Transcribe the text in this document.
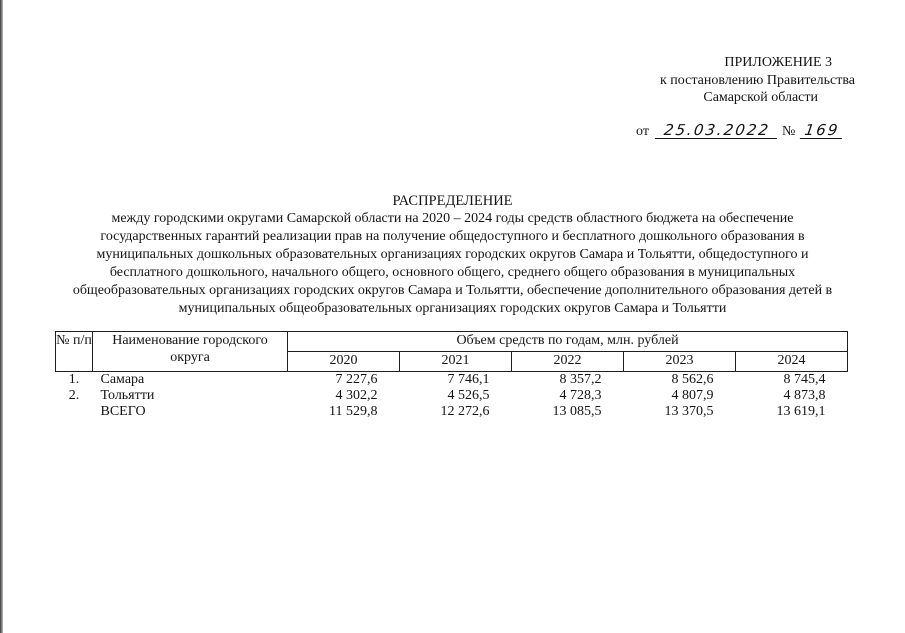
ПРИЛОЖЕНИЕ 3
к постановлению Правительства
Самарской области
от 25.03.2022 № 169
РАСПРЕДЕЛЕНИЕ
между городскими округами Самарской области на 2020 – 2024 годы средств областного бюджета на обеспечение государственных гарантий реализации прав на получение общедоступного и бесплатного дошкольного образования в муниципальных дошкольных образовательных организациях городских округов Самара и Тольятти, общедоступного и бесплатного дошкольного, начального общего, основного общего, среднего общего образования в муниципальных общеобразовательных организациях городских округов Самара и Тольятти, обеспечение дополнительного образования детей в муниципальных общеобразовательных организациях городских округов Самара и Тольятти
№ п/п	Наименование городского округа	Объем средств по годам, млн. рублей				
		2020	2021	2022	2023	2024
1.	Самара	7 227,6	7 746,1	8 357,2	8 562,6	8 745,4
2.	Тольятти	4 302,2	4 526,5	4 728,3	4 807,9	4 873,8
	ВСЕГО	11 529,8	12 272,6	13 085,5	13 370,5	13 619,1
